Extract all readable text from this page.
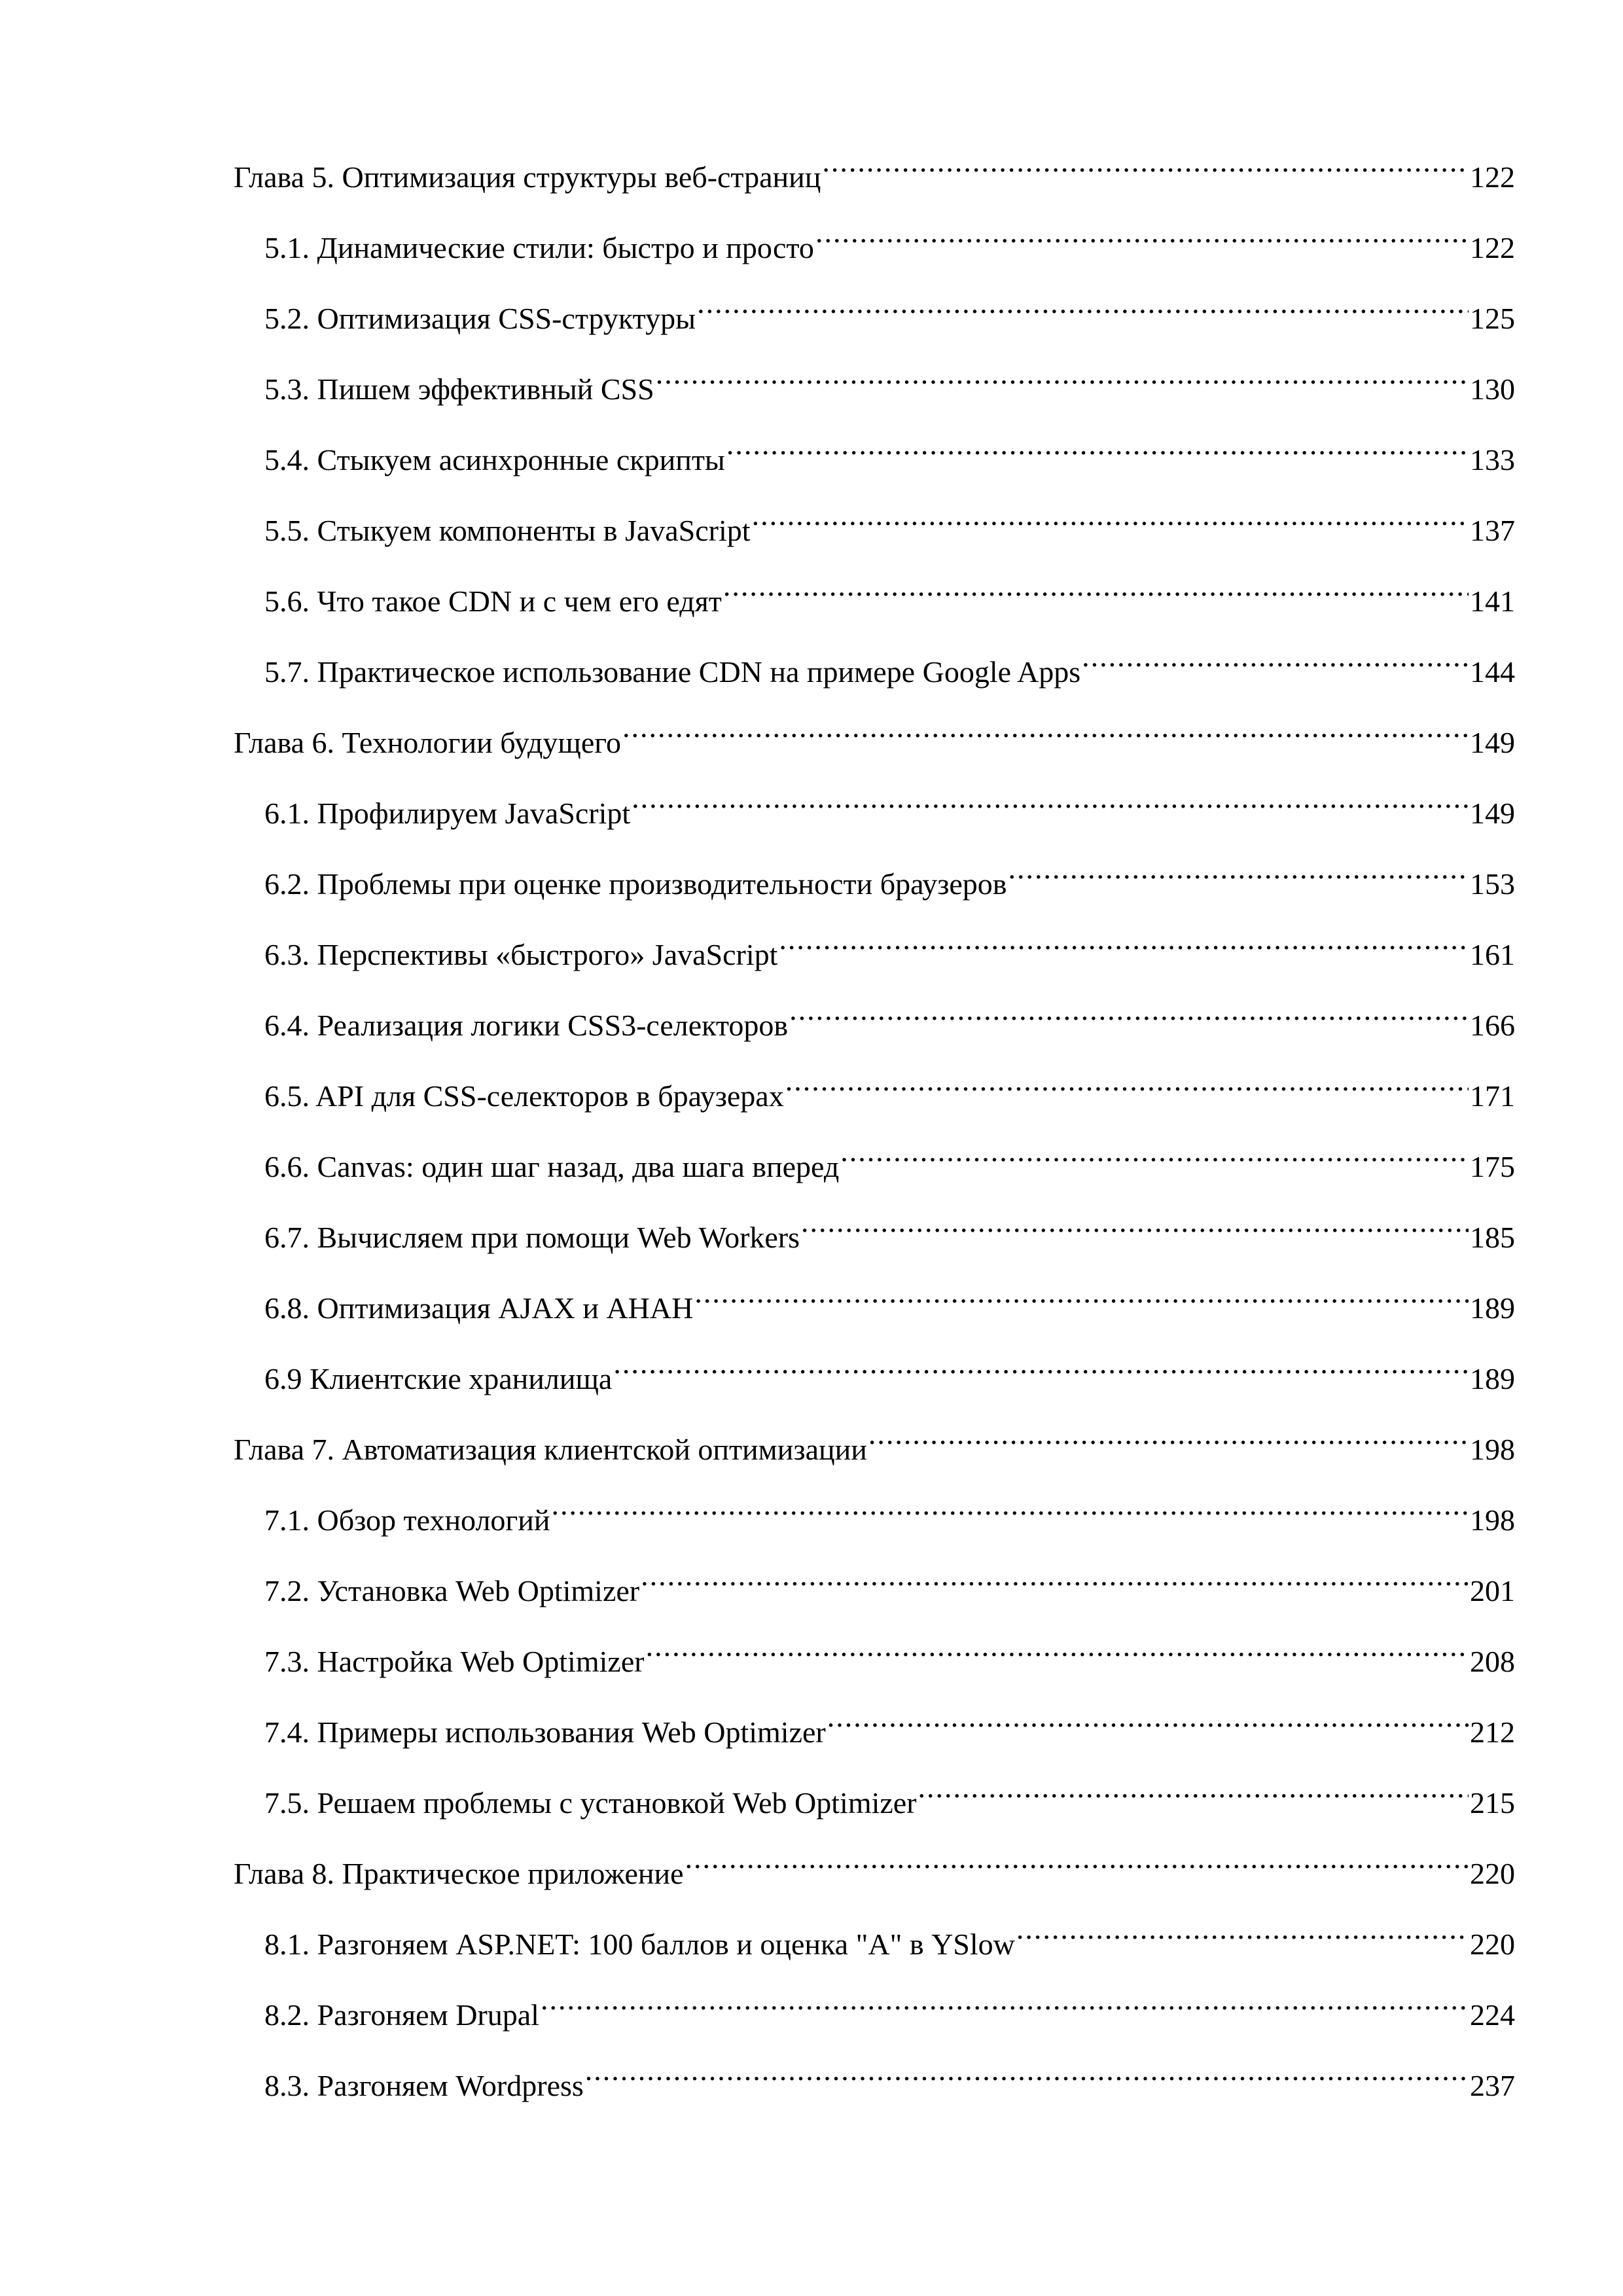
Глава 5. Оптимизация структуры веб-страниц .....	122
5.1. Динамические стили: быстро и просто .....	122
5.2. Оптимизация CSS-структуры .....	125
5.3. Пишем эффективный CSS .....	130
5.4. Стыкуем асинхронные скрипты .....	133
5.5. Стыкуем компоненты в JavaScript .....	137
5.6. Что такое CDN и с чем его едят .....	141
5.7. Практическое использование CDN на примере Google Apps .....	144
Глава 6. Технологии будущего .....	149
6.1. Профилируем JavaScript .....	149
6.2. Проблемы при оценке производительности браузеров .....	153
6.3. Перспективы «быстрого» JavaScript .....	161
6.4. Реализация логики CSS3-селекторов .....	166
6.5. API для CSS-селекторов в браузерах .....	171
6.6. Canvas: один шаг назад, два шага вперед .....	175
6.7. Вычисляем при помощи Web Workers .....	185
6.8. Оптимизация AJAX и AHAH .....	189
6.9 Клиентские хранилища .....	189
Глава 7. Автоматизация клиентской оптимизации .....	198
7.1. Обзор технологий .....	198
7.2. Установка Web Optimizer .....	201
7.3. Настройка Web Optimizer .....	208
7.4. Примеры использования Web Optimizer .....	212
7.5. Решаем проблемы с установкой Web Optimizer .....	215
Глава 8. Практическое приложение .....	220
8.1. Разгоняем ASP.NET: 100 баллов и оценка "A" в YSlow .....	220
8.2. Разгоняем Drupal .....	224
8.3. Разгоняем Wordpress .....	237
